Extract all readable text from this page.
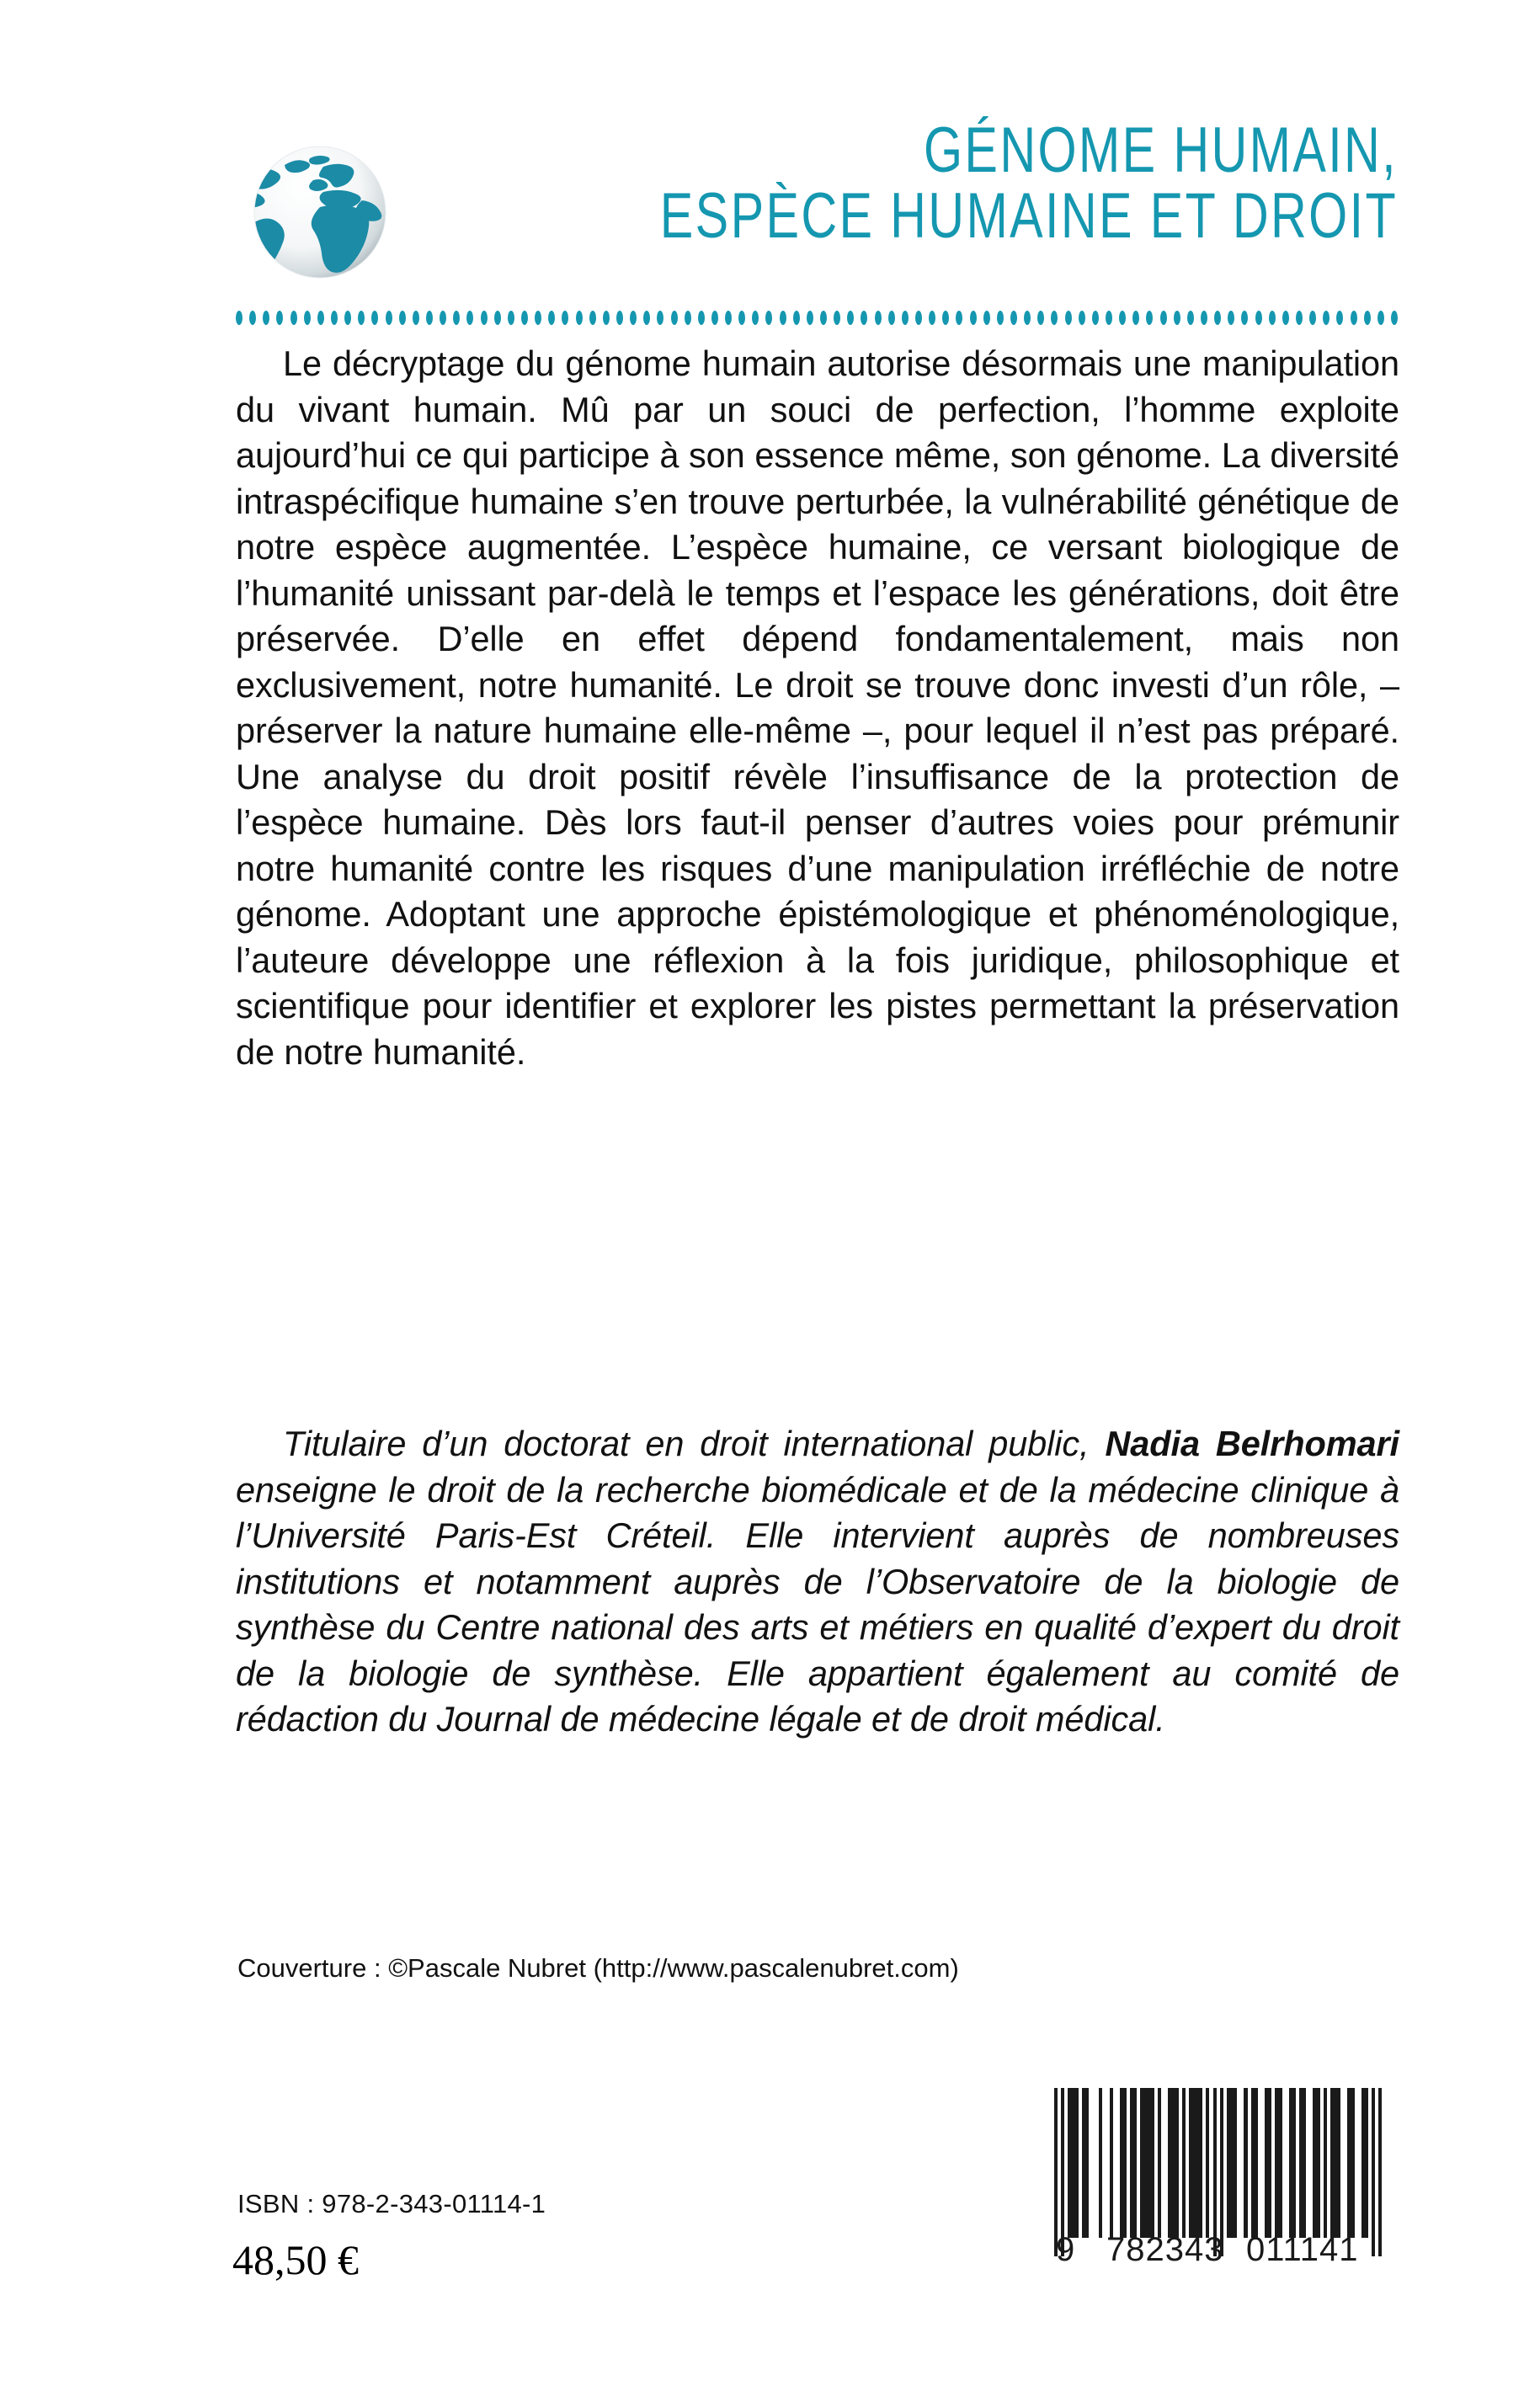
GÉNOME HUMAIN,
ESPÈCE HUMAINE ET DROIT
Le décryptage du génome humain autorise désormais une manipulation du vivant humain. Mû par un souci de perfection, l’homme exploite aujourd’hui ce qui participe à son essence même, son génome. La diversité intraspécifique humaine s’en trouve perturbée, la vulnérabilité génétique de notre espèce augmentée. L’espèce humaine, ce versant biologique de l’humanité unissant par-delà le temps et l’espace les générations, doit être préservée. D’elle en effet dépend fondamentalement, mais non exclusivement, notre humanité. Le droit se trouve donc investi d’un rôle, – préserver la nature humaine elle-même –, pour lequel il n’est pas préparé. Une analyse du droit positif révèle l’insuffisance de la protection de l’espèce humaine. Dès lors faut-il penser d’autres voies pour prémunir notre humanité contre les risques d’une manipulation irréfléchie de notre génome. Adoptant une approche épistémologique et phénoménologique, l’auteure développe une réflexion à la fois juridique, philosophique et scientifique pour identifier et explorer les pistes permettant la préservation de notre humanité.
Titulaire d’un doctorat en droit international public, Nadia Belrhomari enseigne le droit de la recherche biomédicale et de la médecine clinique à l’Université Paris-Est Créteil. Elle intervient auprès de nombreuses institutions et notamment auprès de l’Observatoire de la biologie de synthèse du Centre national des arts et métiers en qualité d’expert du droit de la biologie de synthèse. Elle appartient également au comité de rédaction du Journal de médecine légale et de droit médical.
Couverture : ©Pascale Nubret (http://www.pascalenubret.com)
ISBN : 978-2-343-01114-1
48,50 €	9 782343 011141
